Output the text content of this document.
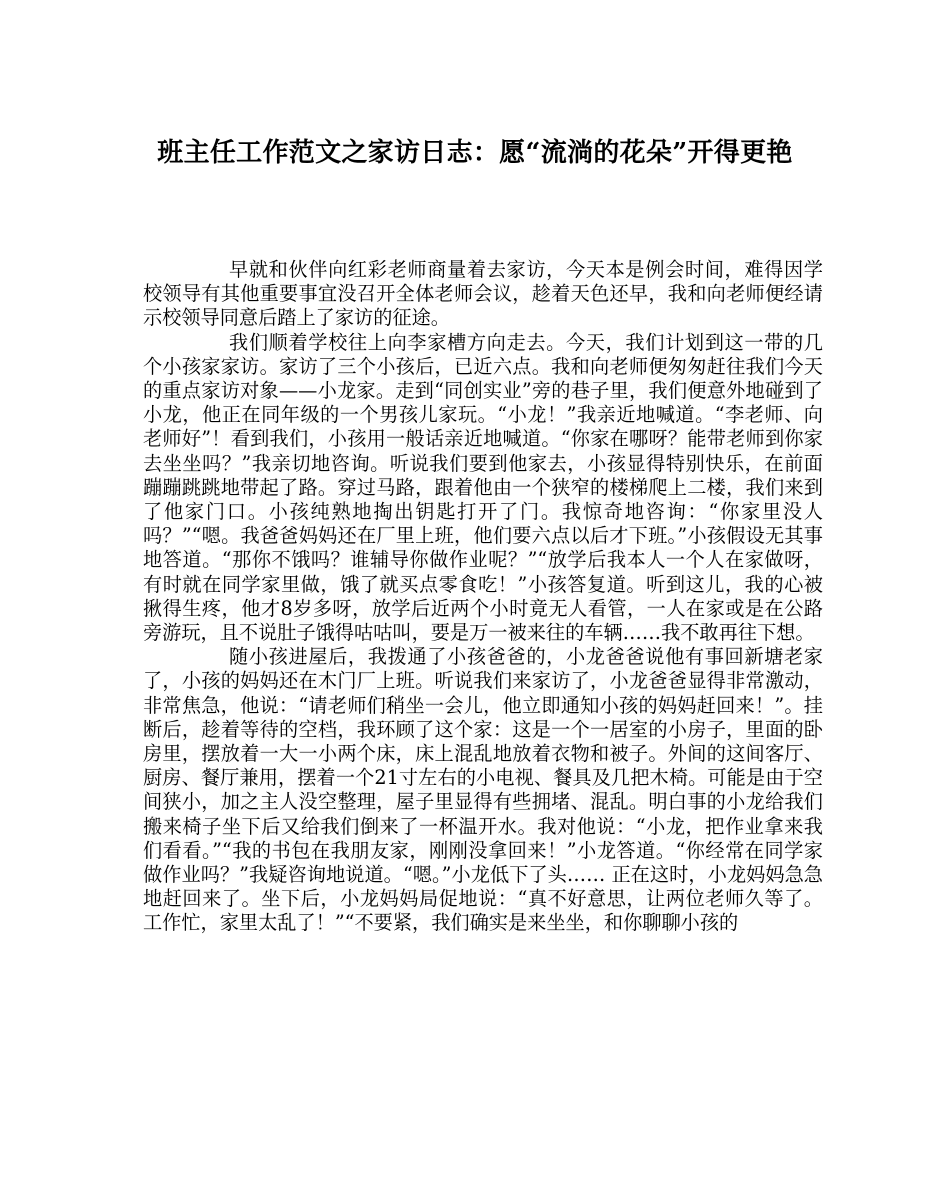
班主任工作范文之家访日志：愿“流淌的花朵”开得更艳

早就和伙伴向红彩老师商量着去家访，今天本是例会时间，难得因学校领导有其他重要事宜没召开全体老师会议，趁着天色还早，我和向老师便经请示校领导同意后踏上了家访的征途。

我们顺着学校往上向李家槽方向走去。今天，我们计划到这一带的几个小孩家家访。家访了三个小孩后，已近六点。我和向老师便匆匆赶往我们今天的重点家访对象——小龙家。走到“同创实业”旁的巷子里，我们便意外地碰到了小龙，他正在同年级的一个男孩儿家玩。“小龙！”我亲近地喊道。“李老师、向老师好”！看到我们，小孩用一般话亲近地喊道。“你家在哪呀？能带老师到你家去坐坐吗？”我亲切地咨询。听说我们要到他家去，小孩显得特别快乐，在前面蹦蹦跳跳地带起了路。穿过马路，跟着他由一个狭窄的楼梯爬上二楼，我们来到了他家门口。小孩纯熟地掏出钥匙打开了门。我惊奇地咨询：“你家里没人吗？”“嗯。我爸爸妈妈还在厂里上班，他们要六点以后才下班。”小孩假设无其事地答道。“那你不饿吗？谁辅导你做作业呢？”“放学后我本人一个人在家做呀，有时就在同学家里做，饿了就买点零食吃！”小孩答复道。听到这儿，我的心被揪得生疼，他才8岁多呀，放学后近两个小时竟无人看管，一人在家或是在公路旁游玩，且不说肚子饿得咕咕叫，要是万一被来往的车辆……我不敢再往下想。

随小孩进屋后，我拨通了小孩爸爸的，小龙爸爸说他有事回新塘老家了，小孩的妈妈还在木门厂上班。听说我们来家访了，小龙爸爸显得非常激动，非常焦急，他说：“请老师们稍坐一会儿，他立即通知小孩的妈妈赶回来！”。挂断后，趁着等待的空档，我环顾了这个家：这是一个一居室的小房子，里面的卧房里，摆放着一大一小两个床，床上混乱地放着衣物和被子。外间的这间客厅、厨房、餐厅兼用，摆着一个21寸左右的小电视、餐具及几把木椅。可能是由于空间狭小，加之主人没空整理，屋子里显得有些拥堵、混乱。明白事的小龙给我们搬来椅子坐下后又给我们倒来了一杯温开水。我对他说：“小龙，把作业拿来我们看看。”“我的书包在我朋友家，刚刚没拿回来！”小龙答道。“你经常在同学家做作业吗？”我疑咨询地说道。“嗯。”小龙低下了头…… 正在这时，小龙妈妈急急地赶回来了。坐下后，小龙妈妈局促地说：“真不好意思，让两位老师久等了。工作忙，家里太乱了！”“不要紧，我们确实是来坐坐，和你聊聊小孩的
